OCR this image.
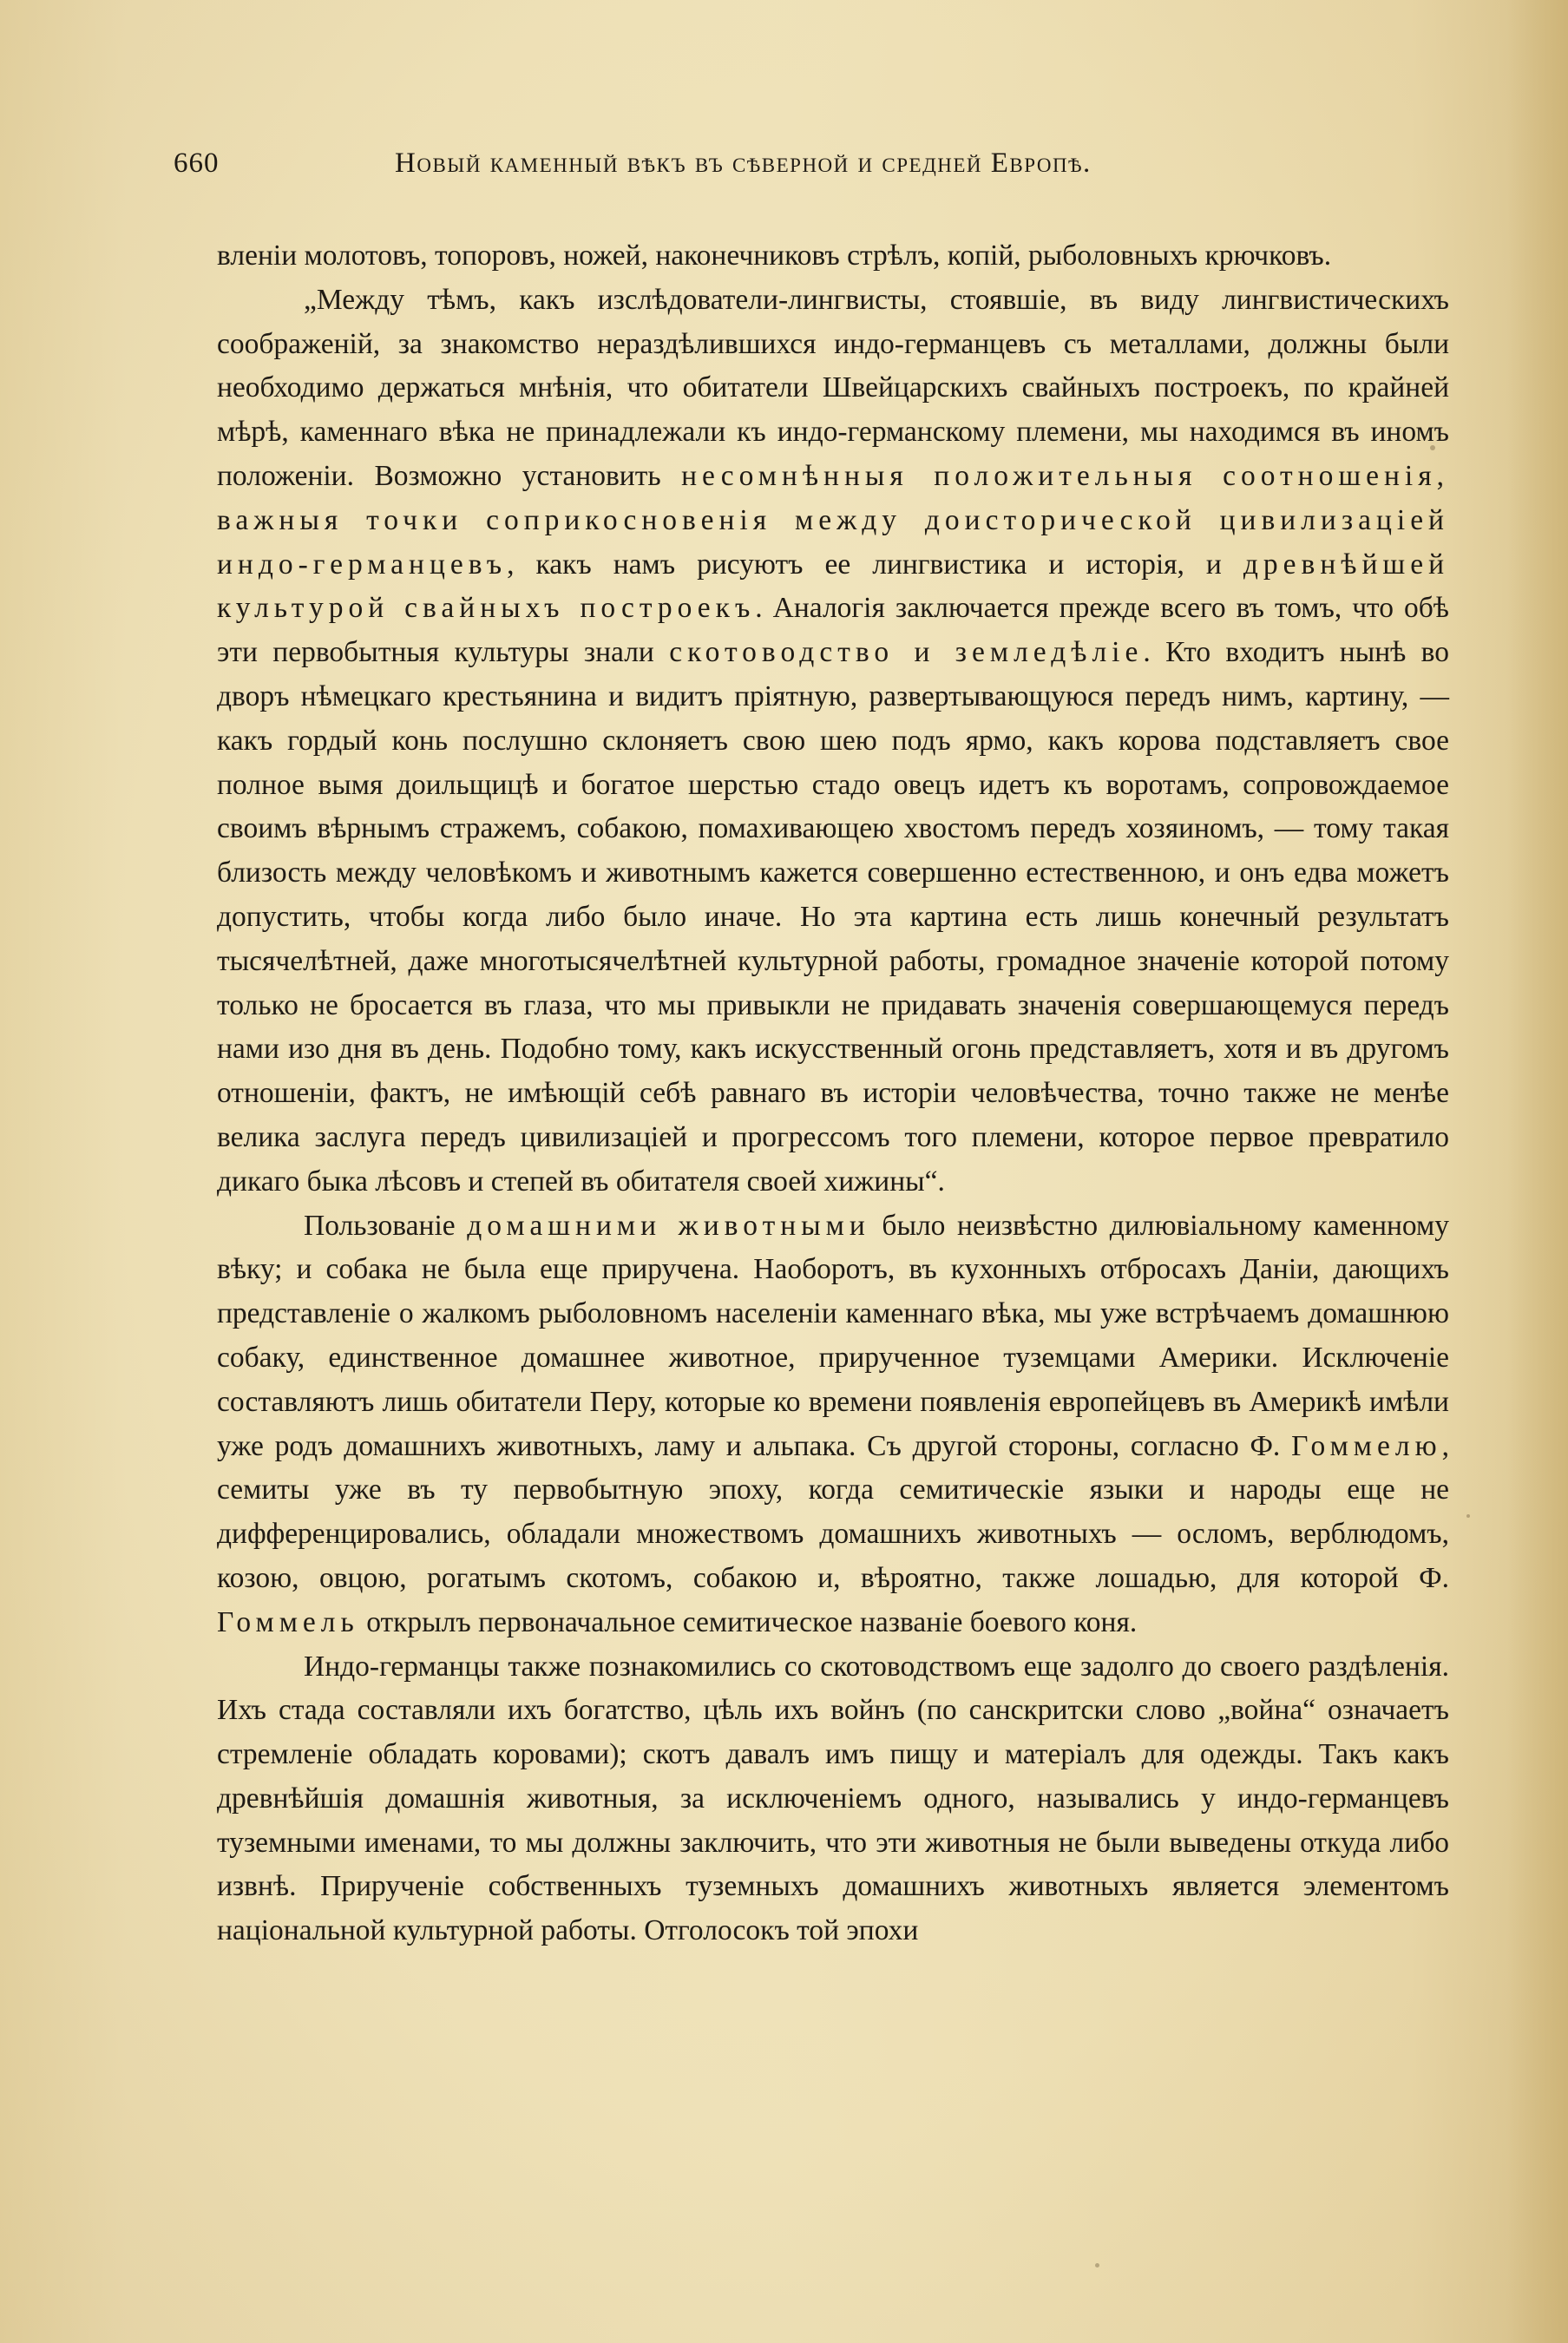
660	Новый каменный вѣкъ въ сѣверной и средней Европѣ.

вленiи молотовъ, топоровъ, ножей, наконечниковъ стрѣлъ, копiй, рыболовныхъ крючковъ.

„Между тѣмъ, какъ изслѣдователи-лингвисты, стоявшiе, въ виду лингвистическихъ соображенiй, за знакомство нераздѣлившихся индо-германцевъ съ металлами, должны были необходимо держаться мнѣнiя, что обитатели Швейцарскихъ свайныхъ построекъ, по крайней мѣрѣ, каменнаго вѣка не принадлежали къ индо-германскому племени, мы находимся въ иномъ положенiи. Возможно установить несомнѣнныя положительныя соотношенiя, важныя точки соприкосновенiя между доисторической цивилизацiей индо-германцевъ, какъ намъ рисуютъ ее лингвистика и исторiя, и древнѣйшей культурой свайныхъ построекъ. Аналогiя заключается прежде всего въ томъ, что обѣ эти первобытныя культуры знали скотоводство и земледѣлiе. Кто входитъ нынѣ во дворъ нѣмецкаго крестьянина и видитъ прiятную, развертывающуюся передъ нимъ, картину, — какъ гордый конь послушно склоняетъ свою шею подъ ярмо, какъ корова подставляетъ свое полное вымя доильщицѣ и богатое шерстью стадо овецъ идетъ къ воротамъ, сопровождаемое своимъ вѣрнымъ стражемъ, собакою, помахивающею хвостомъ передъ хозяиномъ, — тому такая близость между человѣкомъ и животнымъ кажется совершенно естественною, и онъ едва можетъ допустить, чтобы когда либо было иначе. Но эта картина есть лишь конечный результатъ тысячелѣтней, даже многотысячелѣтней культурной работы, громадное значенiе которой потому только не бросается въ глаза, что мы привыкли не придавать значенiя совершающемуся передъ нами изо дня въ день. Подобно тому, какъ искусственный огонь представляетъ, хотя и въ другомъ отношенiи, фактъ, не имѣющiй себѣ равнаго въ исторiи человѣчества, точно также не менѣе велика заслуга передъ цивилизацiей и прогрессомъ того племени, которое первое превратило дикаго быка лѣсовъ и степей въ обитателя своей хижины“.

Пользованiе домашними животными было неизвѣстно дилювiальному каменному вѣку; и собака не была еще приручена. Наоборотъ, въ кухонныхъ отбросахъ Данiи, дающихъ представленiе о жалкомъ рыболовномъ населенiи каменнаго вѣка, мы уже встрѣчаемъ домашнюю собаку, единственное домашнее животное, прирученное туземцами Америки. Исключенiе составляютъ лишь обитатели Перу, которые ко времени появленiя европейцевъ въ Америкѣ имѣли уже родъ домашнихъ животныхъ, ламу и альпака. Съ другой стороны, согласно Ф. Гоммелю, семиты уже въ ту первобытную эпоху, когда семитическiе языки и народы еще не дифференцировались, обладали множествомъ домашнихъ животныхъ — осломъ, верблюдомъ, козою, овцою, рогатымъ скотомъ, собакою и, вѣроятно, также лошадью, для которой Ф. Гоммель открылъ первоначальное семитическое названiе боевого коня.

Индо-германцы также познакомились со скотоводствомъ еще задолго до своего раздѣленiя. Ихъ стада составляли ихъ богатство, цѣль ихъ войнъ (по санскритски слово „война“ означаетъ стремленiе обладать коровами); скотъ давалъ имъ пищу и матерiалъ для одежды. Такъ какъ древнѣйшiя домашнiя животныя, за исключенiемъ одного, назывались у индо-германцевъ туземными именами, то мы должны заключить, что эти животныя не были выведены откуда либо извнѣ. Прирученiе собственныхъ туземныхъ домашнихъ животныхъ является элементомъ нацiональной культурной работы. Отголосокъ той эпохи
